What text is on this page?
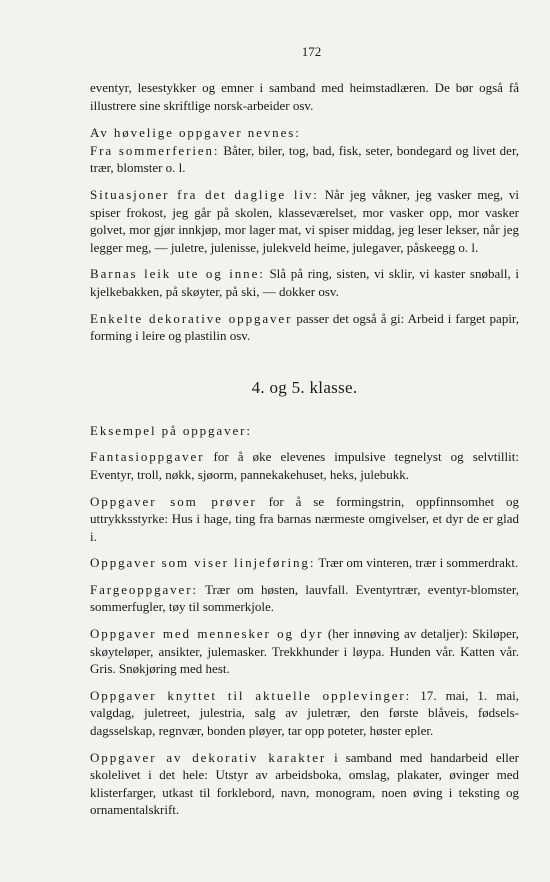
172

eventyr, lesestykker og emner i samband med heimstadlæren. De bør også få illustrere sine skriftlige norsk-arbeider osv.

Av høvelige oppgaver nevnes:

Fra sommerferien: Båter, biler, tog, bad, fisk, seter, bondegard og livet der, trær, blomster o. l.

Situasjoner fra det daglige liv: Når jeg våkner, jeg vasker meg, vi spiser frokost, jeg går på skolen, klasseværelset, mor vasker opp, mor vasker golvet, mor gjør innkjøp, mor lager mat, vi spiser middag, jeg leser lekser, når jeg legger meg, — juletre, julenisse, julekveld heime, julegaver, påskeegg o. l.

Barnas leik ute og inne: Slå på ring, sisten, vi sklir, vi kaster snøball, i kjelkebakken, på skøyter, på ski, — dokker osv.

Enkelte dekorative oppgaver passer det også å gi: Arbeid i farget papir, forming i leire og plastilin osv.

4. og 5. klasse.

Eksempel på oppgaver:

Fantasioppgaver for å øke elevenes impulsive tegnelyst og selvtillit: Eventyr, troll, nøkk, sjøorm, pannekakehuset, heks, julebukk.

Oppgaver som prøver for å se formingstrin, oppfinnsomhet og uttrykksstyrke: Hus i hage, ting fra barnas nærmeste omgivelser, et dyr de er glad i.

Oppgaver som viser linjeføring: Trær om vinteren, trær i sommerdrakt.

Fargeoppgaver: Trær om høsten, lauvfall. Eventyrtrær, eventyr-blomster, sommerfugler, tøy til sommerkjole.

Oppgaver med mennesker og dyr (her innøving av detaljer): Skiløper, skøyteløper, ansikter, julemasker. Trekkhunder i løypa. Hunden vår. Katten vår. Gris. Snøkjøring med hest.

Oppgaver knyttet til aktuelle opplevinger: 17. mai, 1. mai, valgdag, juletreet, julestria, salg av juletrær, den første blåveis, fødsels-dagsselskap, regnvær, bonden pløyer, tar opp poteter, høster epler.

Oppgaver av dekorativ karakter i samband med handarbeid eller skolelivet i det hele: Utstyr av arbeidsboka, omslag, plakater, øvinger med klisterfarger, utkast til forklebord, navn, monogram, noen øving i teksting og ornamentalskrift.
